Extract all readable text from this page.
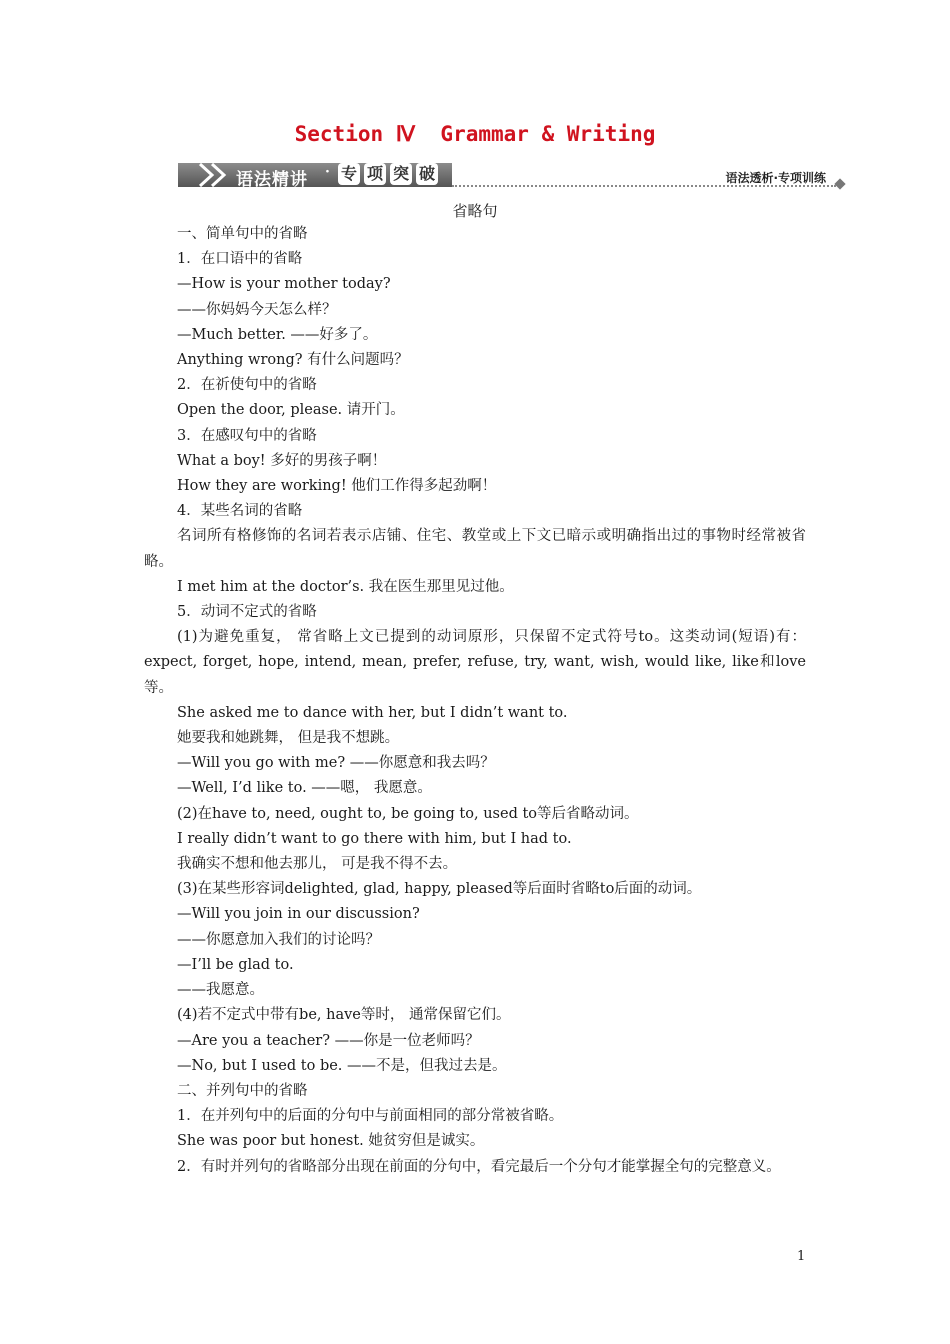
Section Ⅳ  Grammar & Writing
语法精讲 · 专 项 突 破	语法透析·专项训练
省略句

一、简单句中的省略

1．在口语中的省略

—How is your mother today?

——你妈妈今天怎么样？

—Much better. ——好多了。

Anything wrong? 有什么问题吗？

2．在祈使句中的省略

Open the door, please. 请开门。

3．在感叹句中的省略

What a boy! 多好的男孩子啊！

How they are working! 他们工作得多起劲啊！

4．某些名词的省略

名词所有格修饰的名词若表示店铺、住宅、教堂或上下文已暗示或明确指出过的事物时经常被省略。

I met him at the doctor’s. 我在医生那里见过他。

5．动词不定式的省略

(1)为避免重复， 常省略上文已提到的动词原形，只保留不定式符号to。这类动词(短语)有：expect, forget, hope, intend, mean, prefer, refuse, try, want, wish, would like, like和love等。

She asked me to dance with her, but I didn’t want to.

她要我和她跳舞， 但是我不想跳。

—Will you go with me? ——你愿意和我去吗？

—Well, I’d like to. ——嗯， 我愿意。

(2)在have to, need, ought to, be going to, used to等后省略动词。

I really didn’t want to go there with him, but I had to.

我确实不想和他去那儿， 可是我不得不去。

(3)在某些形容词delighted, glad, happy, pleased等后面时省略to后面的动词。

—Will you join in our discussion?

——你愿意加入我们的讨论吗？

—I’ll be glad to.

——我愿意。

(4)若不定式中带有be, have等时， 通常保留它们。

—Are you a teacher? ——你是一位老师吗？

—No, but I used to be. ——不是，但我过去是。

二、并列句中的省略

1．在并列句中的后面的分句中与前面相同的部分常被省略。

She was poor but honest. 她贫穷但是诚实。

2．有时并列句的省略部分出现在前面的分句中，看完最后一个分句才能掌握全句的完整意义。

1
